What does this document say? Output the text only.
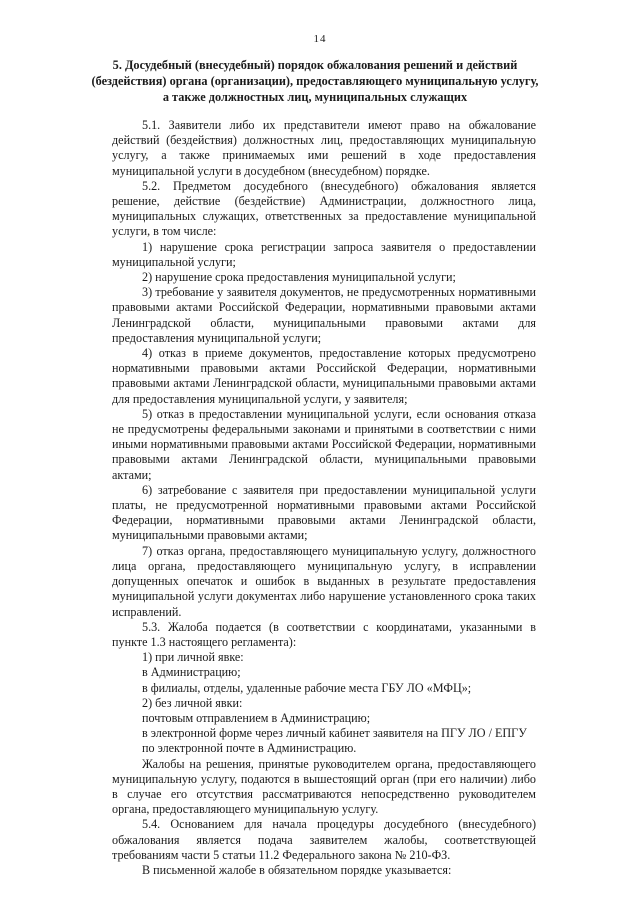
14
5. Досудебный (внесудебный) порядок обжалования решений и действий (бездействия) органа (организации), предоставляющего муниципальную услугу, а также должностных лиц, муниципальных служащих

5.1. Заявители либо их представители имеют право на обжалование действий (бездействия) должностных лиц, предоставляющих муниципальную услугу, а также принимаемых ими решений в ходе предоставления муниципальной услуги в досудебном (внесудебном) порядке.

5.2. Предметом досудебного (внесудебного) обжалования является решение, действие (бездействие) Администрации, должностного лица, муниципальных служащих, ответственных за предоставление муниципальной услуги, в том числе:

1) нарушение срока регистрации запроса заявителя о предоставлении муниципальной услуги;

2) нарушение срока предоставления муниципальной услуги;

3) требование у заявителя документов, не предусмотренных нормативными правовыми актами Российской Федерации, нормативными правовыми актами Ленинградской области, муниципальными правовыми актами для предоставления муниципальной услуги;

4) отказ в приеме документов, предоставление которых предусмотрено нормативными правовыми актами Российской Федерации, нормативными правовыми актами Ленинградской области, муниципальными правовыми актами для предоставления муниципальной услуги, у заявителя;

5) отказ в предоставлении муниципальной услуги, если основания отказа не предусмотрены федеральными законами и принятыми в соответствии с ними иными нормативными правовыми актами Российской Федерации, нормативными правовыми актами Ленинградской области, муниципальными правовыми актами;

6) затребование с заявителя при предоставлении муниципальной услуги платы, не предусмотренной нормативными правовыми актами Российской Федерации, нормативными правовыми актами Ленинградской области, муниципальными правовыми актами;

7) отказ органа, предоставляющего муниципальную услугу, должностного лица органа, предоставляющего муниципальную услугу, в исправлении допущенных опечаток и ошибок в выданных в результате предоставления муниципальной услуги документах либо нарушение установленного срока таких исправлений.

5.3. Жалоба подается (в соответствии с координатами, указанными в пункте 1.3 настоящего регламента):

1) при личной явке:

в Администрацию;

в филиалы, отделы, удаленные рабочие места ГБУ ЛО «МФЦ»;

2) без личной явки:

почтовым отправлением в Администрацию;

в электронной форме через личный кабинет заявителя на ПГУ ЛО / ЕПГУ

по электронной почте в Администрацию.

Жалобы на решения, принятые руководителем органа, предоставляющего муниципальную услугу, подаются в вышестоящий орган (при его наличии) либо в случае его отсутствия рассматриваются непосредственно руководителем органа, предоставляющего муниципальную услугу.

5.4. Основанием для начала процедуры досудебного (внесудебного) обжалования является подача заявителем жалобы, соответствующей требованиям части 5 статьи 11.2 Федерального закона № 210-ФЗ.

В письменной жалобе в обязательном порядке указывается:
